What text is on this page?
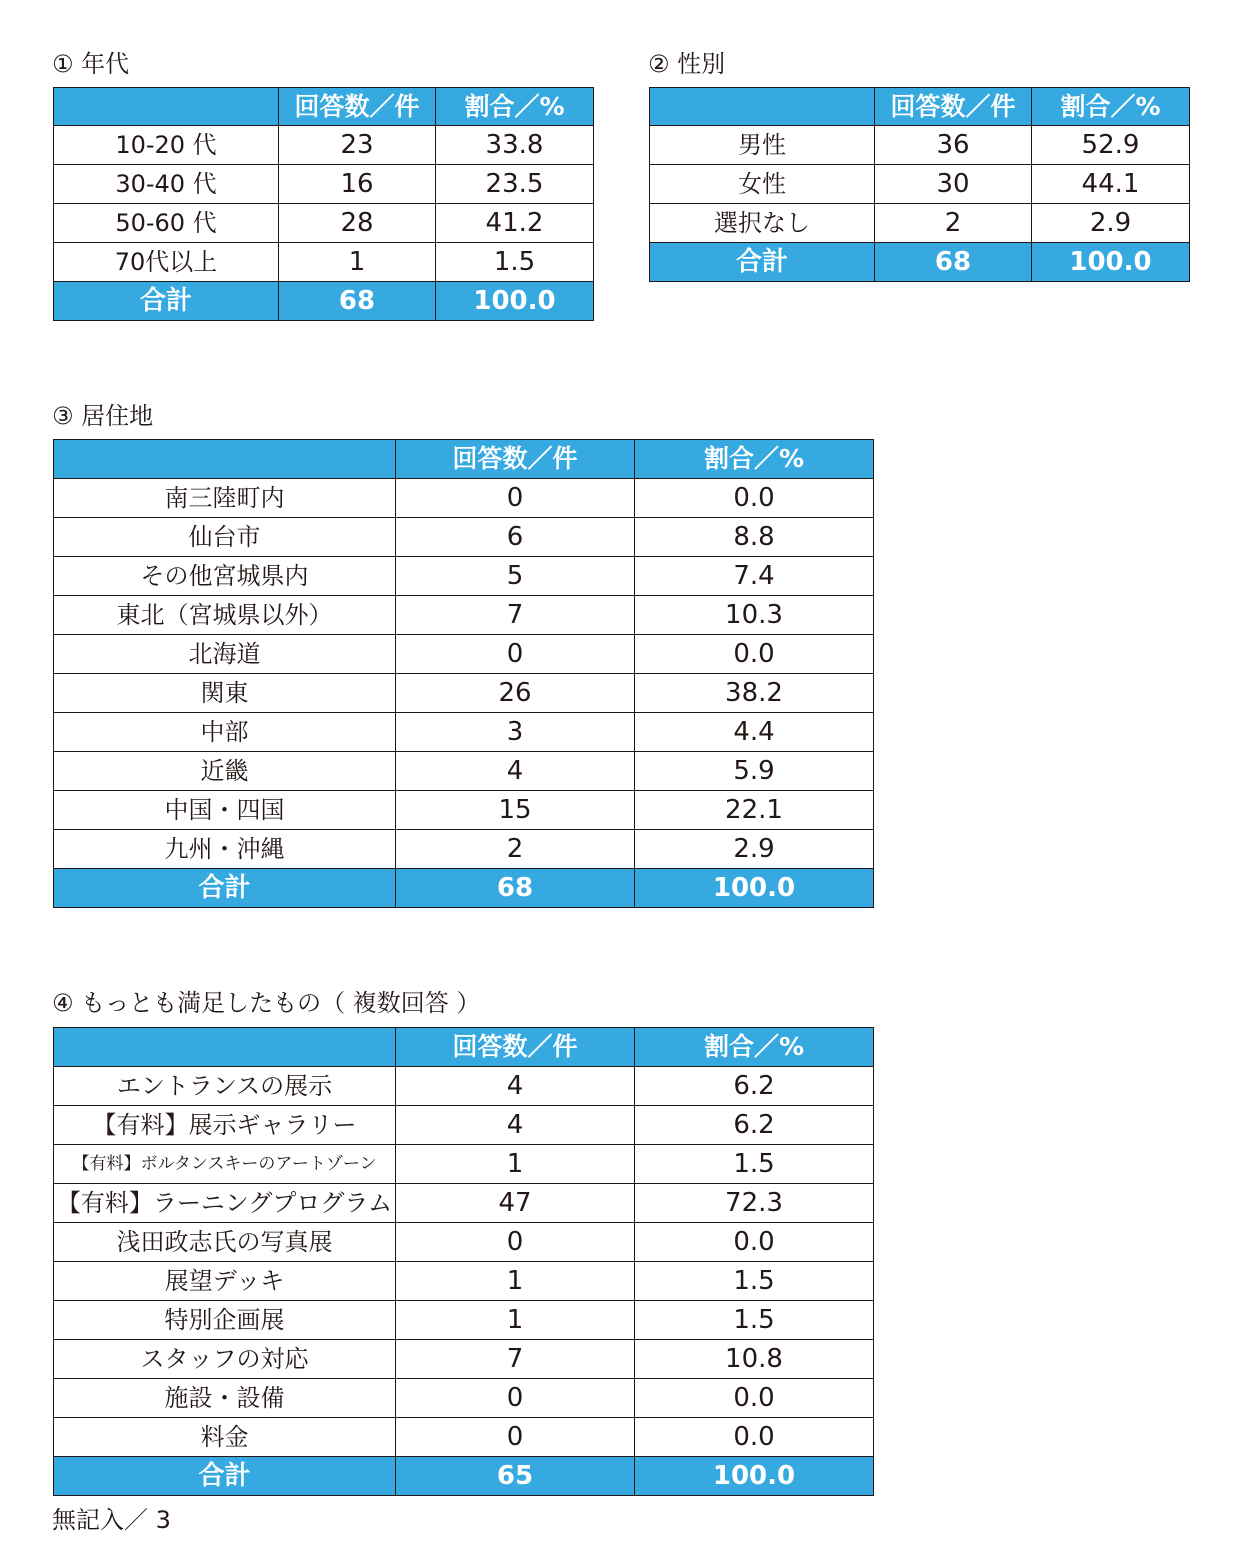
① 年代
	回答数／件	割合／%
10-20 代	23	33.8
30-40 代	16	23.5
50-60 代	28	41.2
70代以上	1	1.5
合計	68	100.0
② 性別
	回答数／件	割合／%
男性	36	52.9
女性	30	44.1
選択なし	2	2.9
合計	68	100.0
③ 居住地
	回答数／件	割合／%
南三陸町内	0	0.0
仙台市	6	8.8
その他宮城県内	5	7.4
東北（宮城県以外）	7	10.3
北海道	0	0.0
関東	26	38.2
中部	3	4.4
近畿	4	5.9
中国・四国	15	22.1
九州・沖縄	2	2.9
合計	68	100.0
④ もっとも満足したもの（ 複数回答 ）
	回答数／件	割合／%
エントランスの展示	4	6.2
【有料】展示ギャラリー	4	6.2
【有料】ボルタンスキーのアートゾーン	1	1.5
【有料】ラーニングプログラム	47	72.3
浅田政志氏の写真展	0	0.0
展望デッキ	1	1.5
特別企画展	1	1.5
スタッフの対応	7	10.8
施設・設備	0	0.0
料金	0	0.0
合計	65	100.0
無記入／ 3
